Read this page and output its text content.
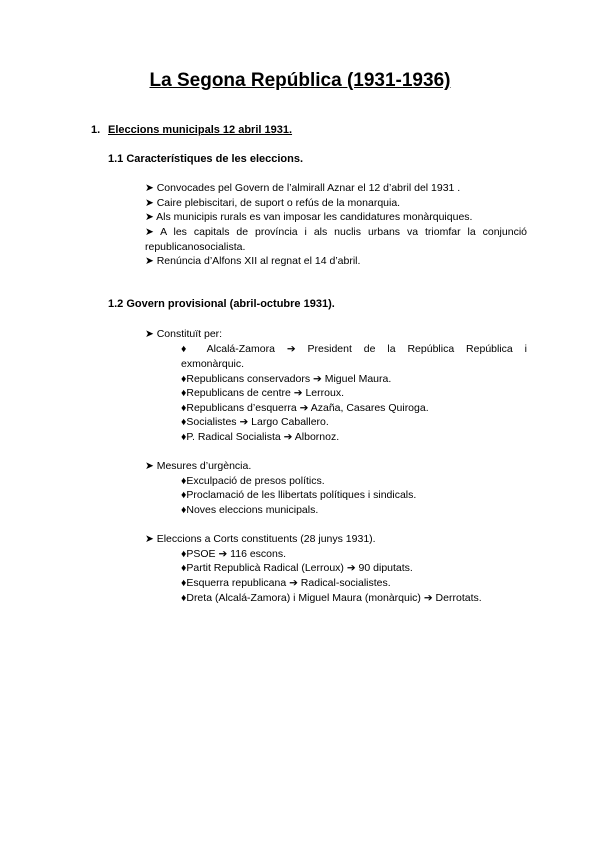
La Segona República (1931-1936)
1. Eleccions municipals 12 abril 1931.
1.1 Característiques de les eleccions.
➤ Convocades pel Govern de l’almirall Aznar el 12 d’abril del 1931 .
➤ Caire plebiscitari, de suport o refús de la monarquia.
➤ Als municipis rurals es van imposar les candidatures monàrquiques.
➤ A les capitals de província i als nuclis urbans va triomfar la conjunció
republicanosocialista.
➤ Renúncia d’Alfons XII al regnat el 14 d’abril.
1.2 Govern provisional (abril-octubre 1931).
➤ Constituït per:
♦ Alcalá-Zamora ➔ President de la República República i
exmonàrquic.
♦Republicans conservadors ➔ Miguel Maura.
♦Republicans de centre ➔ Lerroux.
♦Republicans d’esquerra ➔ Azaña, Casares Quiroga.
♦Socialistes ➔ Largo Caballero.
♦P. Radical Socialista ➔ Albornoz.
➤ Mesures d’urgència.
♦Exculpació de presos polítics.
♦Proclamació de les llibertats polítiques i sindicals.
♦Noves eleccions municipals.
➤ Eleccions a Corts constituents (28 junys 1931).
♦PSOE ➔ 116 escons.
♦Partit Republicà Radical (Lerroux) ➔ 90 diputats.
♦Esquerra republicana ➔ Radical-socialistes.
♦Dreta (Alcalá-Zamora) i Miguel Maura (monàrquic) ➔ Derrotats.
